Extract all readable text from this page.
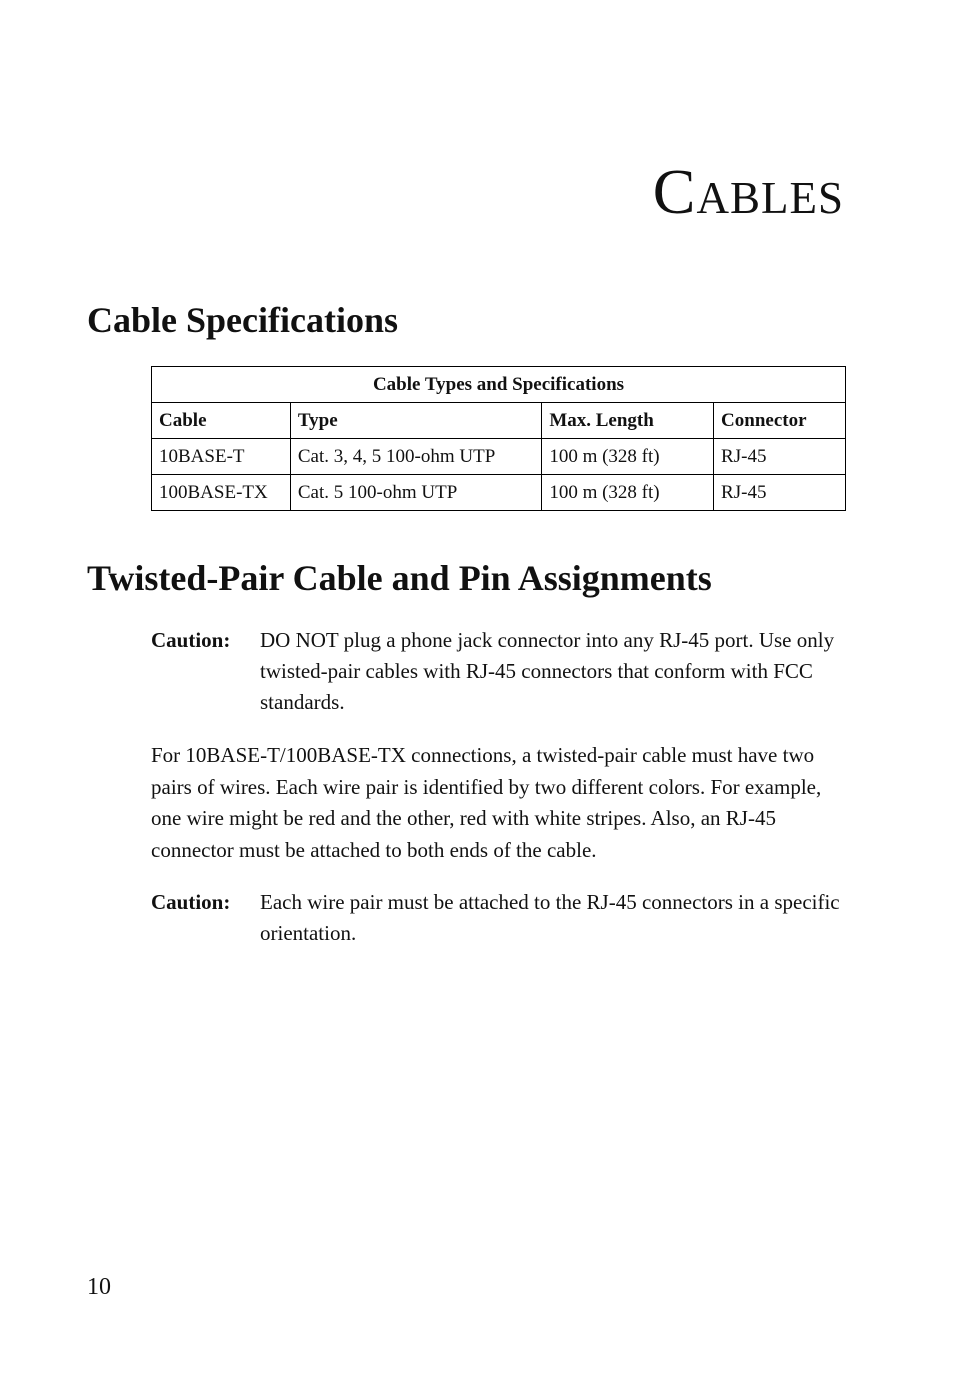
Cables
Cable Specifications
Cable Types and Specifications			
Cable	Type	Max. Length	Connector
10BASE-T	Cat. 3, 4, 5 100-ohm UTP	100 m (328 ft)	RJ-45
100BASE-TX	Cat. 5 100-ohm UTP	100 m (328 ft)	RJ-45
Twisted-Pair Cable and Pin Assignments
Caution: DO NOT plug a phone jack connector into any RJ-45 port. Use only twisted-pair cables with RJ-45 connectors that conform with FCC standards.

For 10BASE-T/100BASE-TX connections, a twisted-pair cable must have two pairs of wires. Each wire pair is identified by two different colors. For example, one wire might be red and the other, red with white stripes. Also, an RJ-45 connector must be attached to both ends of the cable.

Caution: Each wire pair must be attached to the RJ-45 connectors in a specific orientation.
10
